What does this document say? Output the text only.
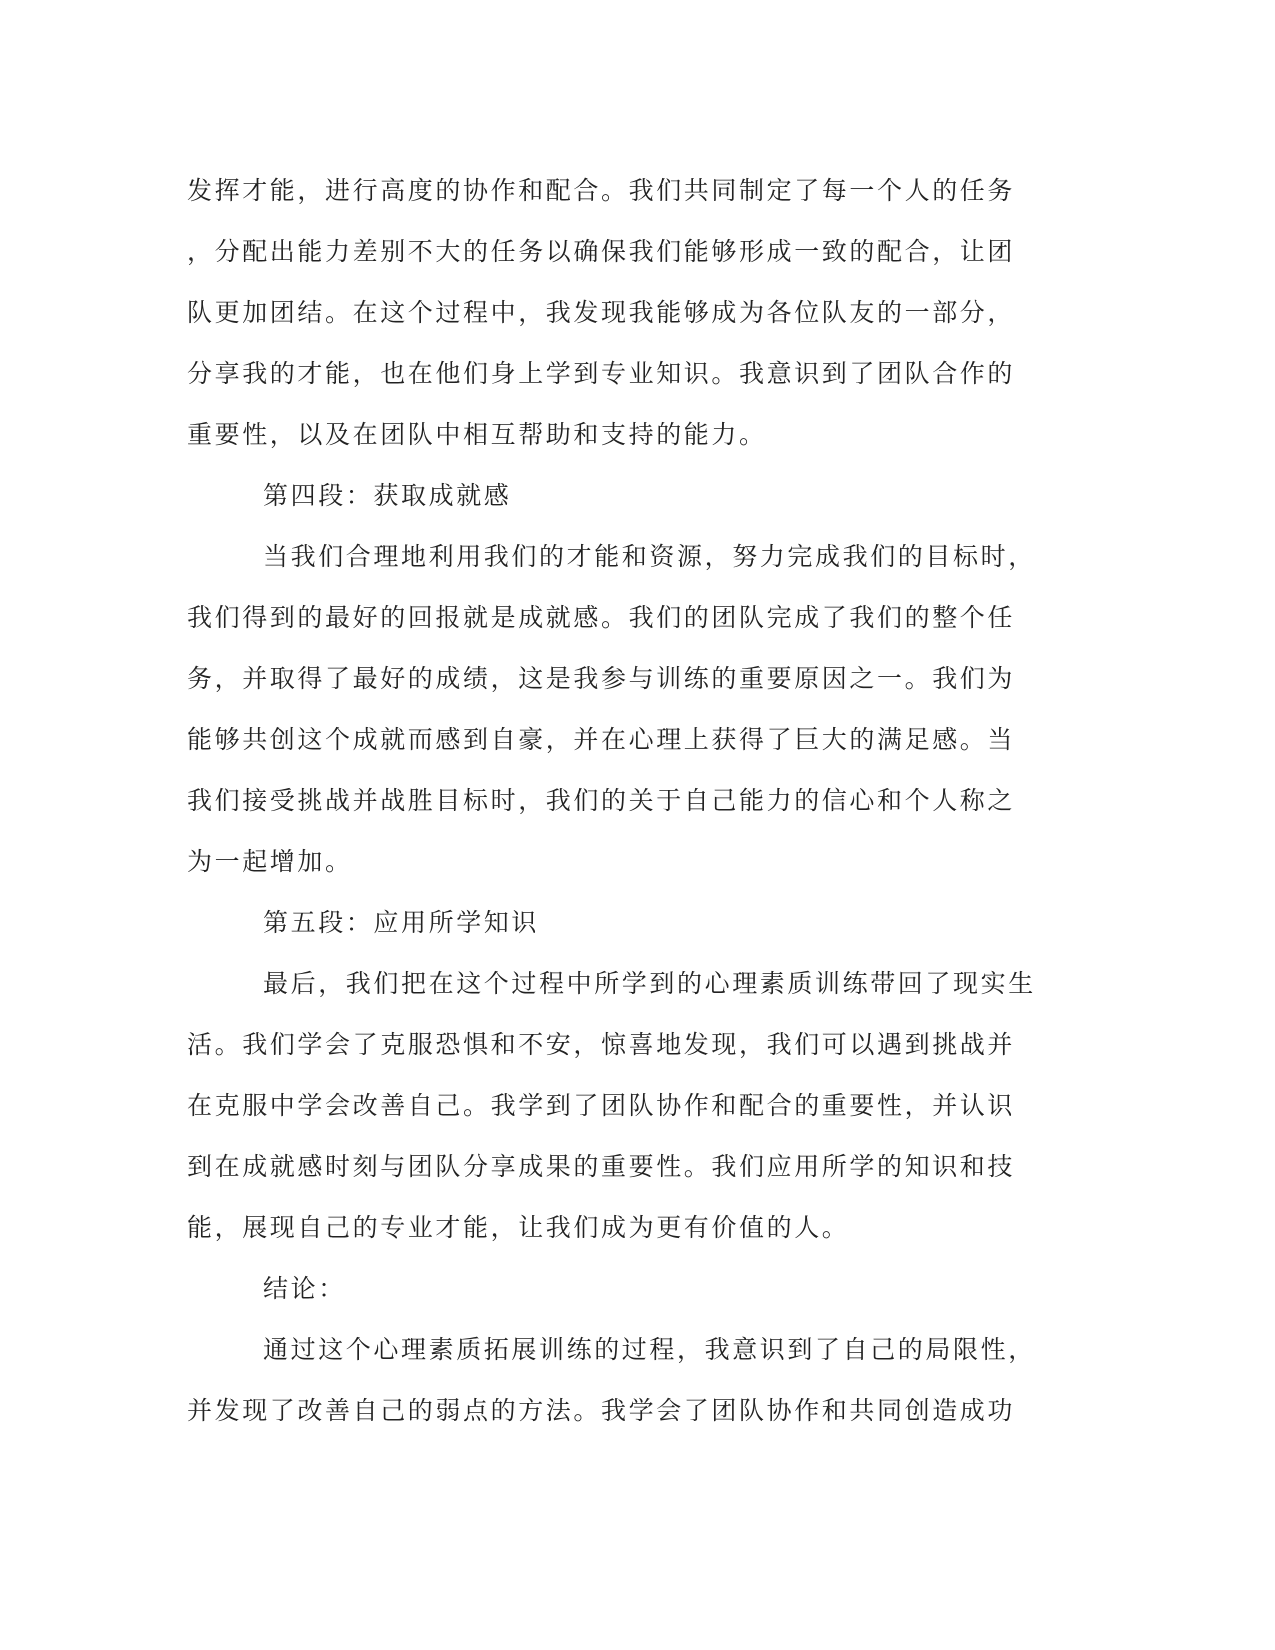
发挥才能，进行高度的协作和配合。我们共同制定了每一个人的任务
，分配出能力差别不大的任务以确保我们能够形成一致的配合，让团
队更加团结。在这个过程中，我发现我能够成为各位队友的一部分，
分享我的才能，也在他们身上学到专业知识。我意识到了团队合作的
重要性，以及在团队中相互帮助和支持的能力。
第四段：获取成就感
当我们合理地利用我们的才能和资源，努力完成我们的目标时，
我们得到的最好的回报就是成就感。我们的团队完成了我们的整个任
务，并取得了最好的成绩，这是我参与训练的重要原因之一。我们为
能够共创这个成就而感到自豪，并在心理上获得了巨大的满足感。当
我们接受挑战并战胜目标时，我们的关于自己能力的信心和个人称之
为一起增加。
第五段：应用所学知识
最后，我们把在这个过程中所学到的心理素质训练带回了现实生
活。我们学会了克服恐惧和不安，惊喜地发现，我们可以遇到挑战并
在克服中学会改善自己。我学到了团队协作和配合的重要性，并认识
到在成就感时刻与团队分享成果的重要性。我们应用所学的知识和技
能，展现自己的专业才能，让我们成为更有价值的人。
结论：
通过这个心理素质拓展训练的过程，我意识到了自己的局限性，
并发现了改善自己的弱点的方法。我学会了团队协作和共同创造成功
